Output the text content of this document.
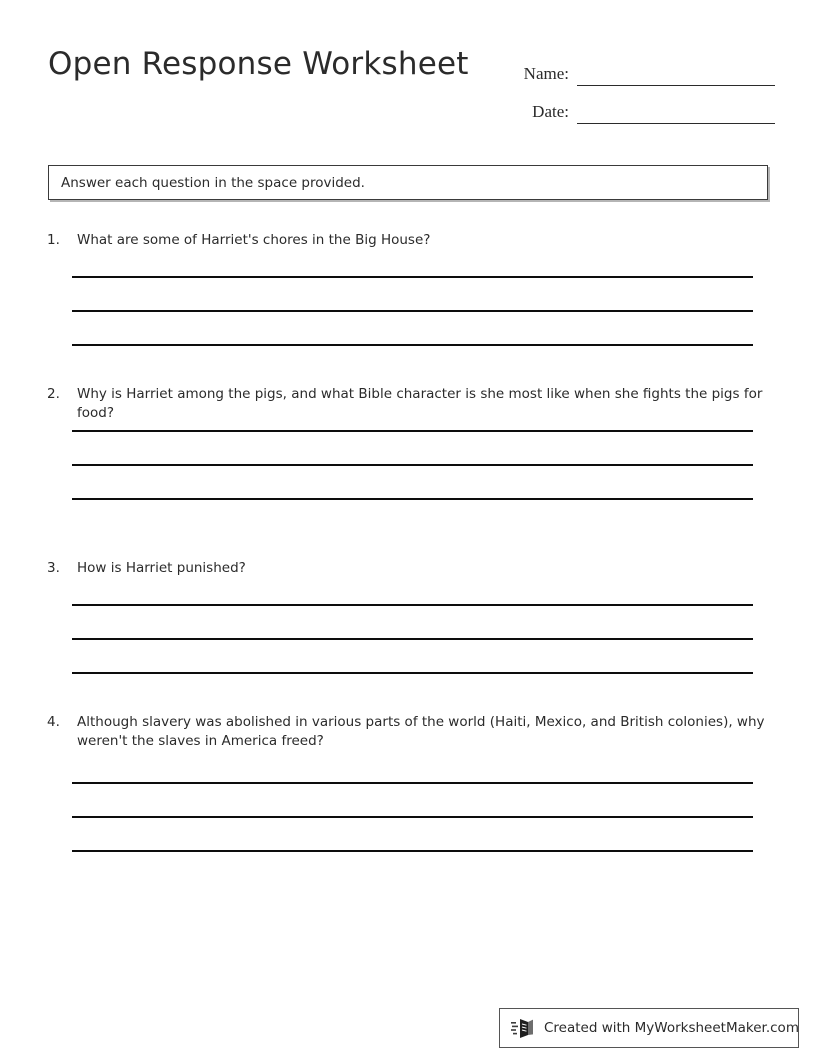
Open Response Worksheet	Name:
Date:
Answer each question in the space provided.
1.	What are some of Harriet's chores in the Big House?
2.	Why is Harriet among the pigs, and what Bible character is she most like when she fights the pigs for food?
3.	How is Harriet punished?
4.	Although slavery was abolished in various parts of the world (Haiti, Mexico, and British colonies), why weren't the slaves in America freed?
Created with MyWorksheetMaker.com
